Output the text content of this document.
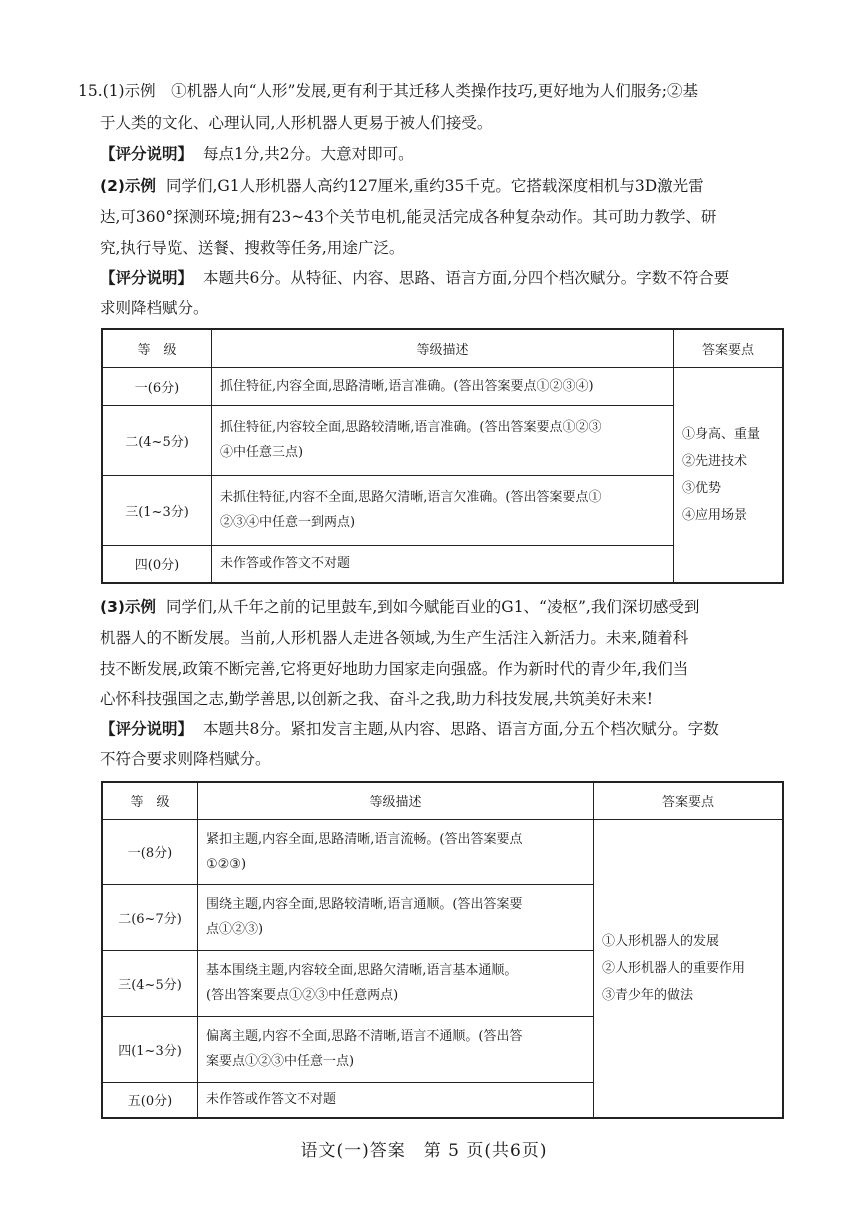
15.(1)示例　①机器人向“人形”发展,更有利于其迁移人类操作技巧,更好地为人们服务;②基
于人类的文化、心理认同,人形机器人更易于被人们接受。
【评分说明】 每点1分,共2分。大意对即可。
(2)示例 同学们,G1人形机器人高约127厘米,重约35千克。它搭载深度相机与3D激光雷
达,可360°探测环境;拥有23~43个关节电机,能灵活完成各种复杂动作。其可助力教学、研
究,执行导览、送餐、搜救等任务,用途广泛。
【评分说明】 本题共6分。从特征、内容、思路、语言方面,分四个档次赋分。字数不符合要
求则降档赋分。
等　级	等级描述	答案要点
一(6分)	抓住特征,内容全面,思路清晰,语言准确。(答出答案要点①②③④)	①身高、重量
②先进技术
③优势
④应用场景

二(4~5分)	抓住特征,内容较全面,思路较清晰,语言准确。(答出答案要点①②③
④中任意三点)	

三(1~3分)	未抓住特征,内容不全面,思路欠清晰,语言欠准确。(答出答案要点①
②③④中任意一到两点)	

四(0分)	未作答或作答文不对题	
(3)示例 同学们,从千年之前的记里鼓车,到如今赋能百业的G1、“凌枢”,我们深切感受到
机器人的不断发展。当前,人形机器人走进各领域,为生产生活注入新活力。未来,随着科
技不断发展,政策不断完善,它将更好地助力国家走向强盛。作为新时代的青少年,我们当
心怀科技强国之志,勤学善思,以创新之我、奋斗之我,助力科技发展,共筑美好未来!
【评分说明】 本题共8分。紧扣发言主题,从内容、思路、语言方面,分五个档次赋分。字数
不符合要求则降档赋分。
等　级	等级描述	答案要点
一(8分)	紧扣主题,内容全面,思路清晰,语言流畅。(答出答案要点
①②③)	①人形机器人的发展
②人形机器人的重要作用
③青少年的做法

二(6~7分)	围绕主题,内容全面,思路较清晰,语言通顺。(答出答案要
点①②③)	

三(4~5分)	基本围绕主题,内容较全面,思路欠清晰,语言基本通顺。
(答出答案要点①②③中任意两点)	

四(1~3分)	偏离主题,内容不全面,思路不清晰,语言不通顺。(答出答
案要点①②③中任意一点)	

五(0分)	未作答或作答文不对题	
语文(一)答案　第 5 页(共6页)
